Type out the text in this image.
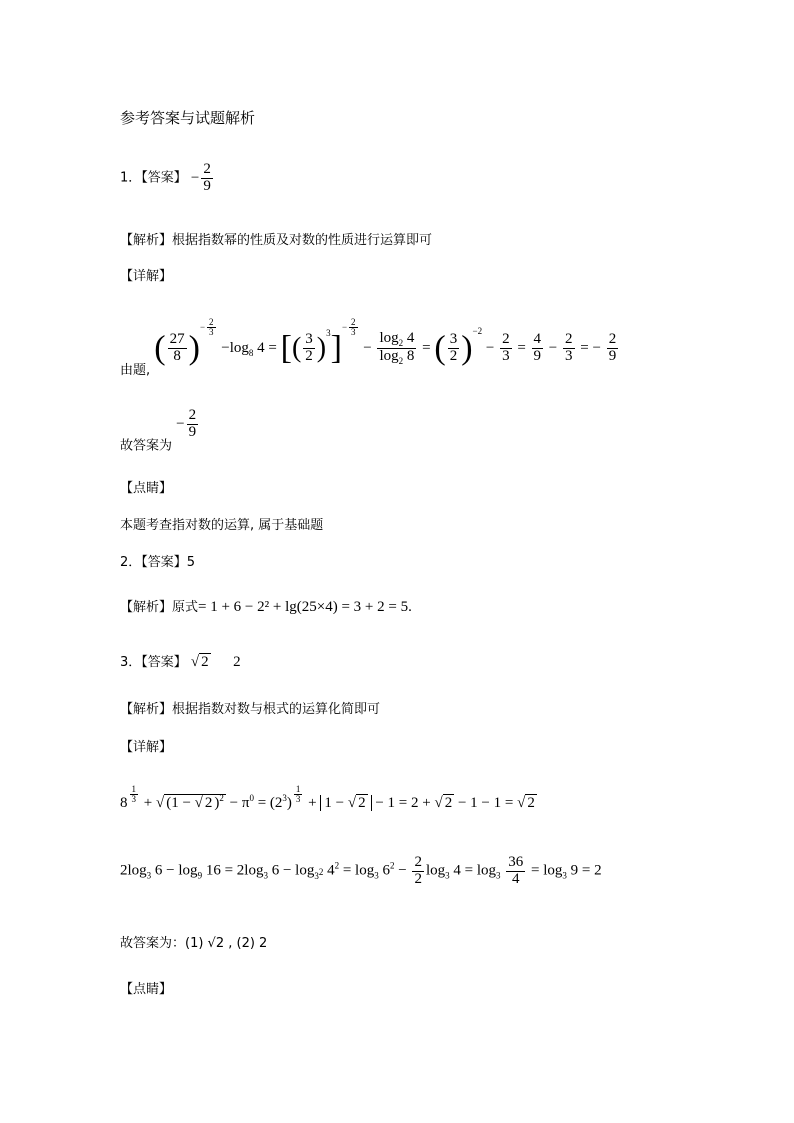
参考答案与试题解析
1．【答案】 − $\frac{2}{9}$
【解析】根据指数幂的性质及对数的性质进行运算即可
【详解】
由题, ( $\frac{27}{8} )^{- \frac{2}{3}}$
$-\log_8$ 4 = [( $\frac{3}{2} )^3]^{- \frac{2}{3}}$
− $\frac{\log_2 4}{\log_2 8}$ = ( $\frac{3}{2} )^{-2} - \frac{2}{3} = \frac{4}{9} - \frac{2}{3}$ = − $\frac{2}{9}$
故答案为 − $\frac{2}{9}$
【点睛】
本题考查指对数的运算, 属于基础题
2．【答案】5
【解析】原式= 1 + 6 − 2² + lg(25×4) = 3 + 2 = 5.
3．【答案】 √ 2      2
【解析】根据指数对数与根式的运算化简即可
【详解】
8 $^{\frac{1}{3}}$ + √ (1 − √ 2 )$^2 - \pi^0 = (2^3) ^{\frac{1}{3}} + 1$ − √ 2 − 1 = 2 + √ 2 − 1 − 1 = √ 2
$2\log_3$ $6 - \log_9 16 = 2\log_3$ $6 - \log_{3^2} 4^2 = \log_3 6^2 - \frac{2}{2} \log_3 4 = \log_3 \frac{36}{4} = \log_3 9 = 2$
故答案为：(1) √2 , (2) 2
【点睛】
